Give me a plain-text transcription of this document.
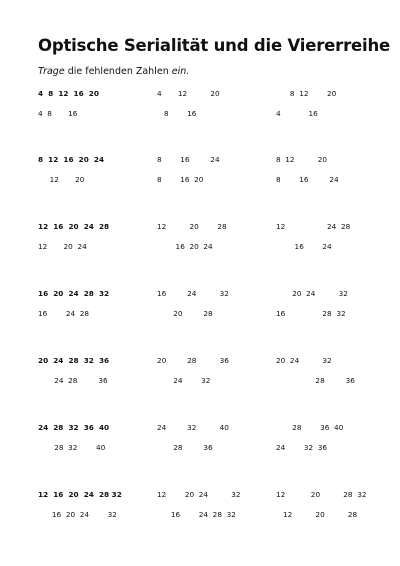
Optische Serialität und die Viererreihe
Trage die fehlenden Zahlen ein.
4  8  12  16  20
4  8       16
4       12          20
8        16
8  12        20
4            16
8  12  16  20  24
12       20
8        16         24
8        16  20
8  12          20
8        16         24
12  16  20  24  28
12       20  24
12          20        28
16  20  24
12                  24  28
16        24
16  20  24  28  32
16        24  28
16         24          32
20         28
20  24          32
16                28  32
20  24  28  32  36
24  28         36
20         28          36
24        32
20  24          32
28         36
24  28  32  36  40
28  32        40
24         32          40
28         36
28        36  40
24        32  36
12  16  20  24  28 32
16  20  24        32
12        20  24          32
16        24  28  32
12           20          28  32
12          20          28
